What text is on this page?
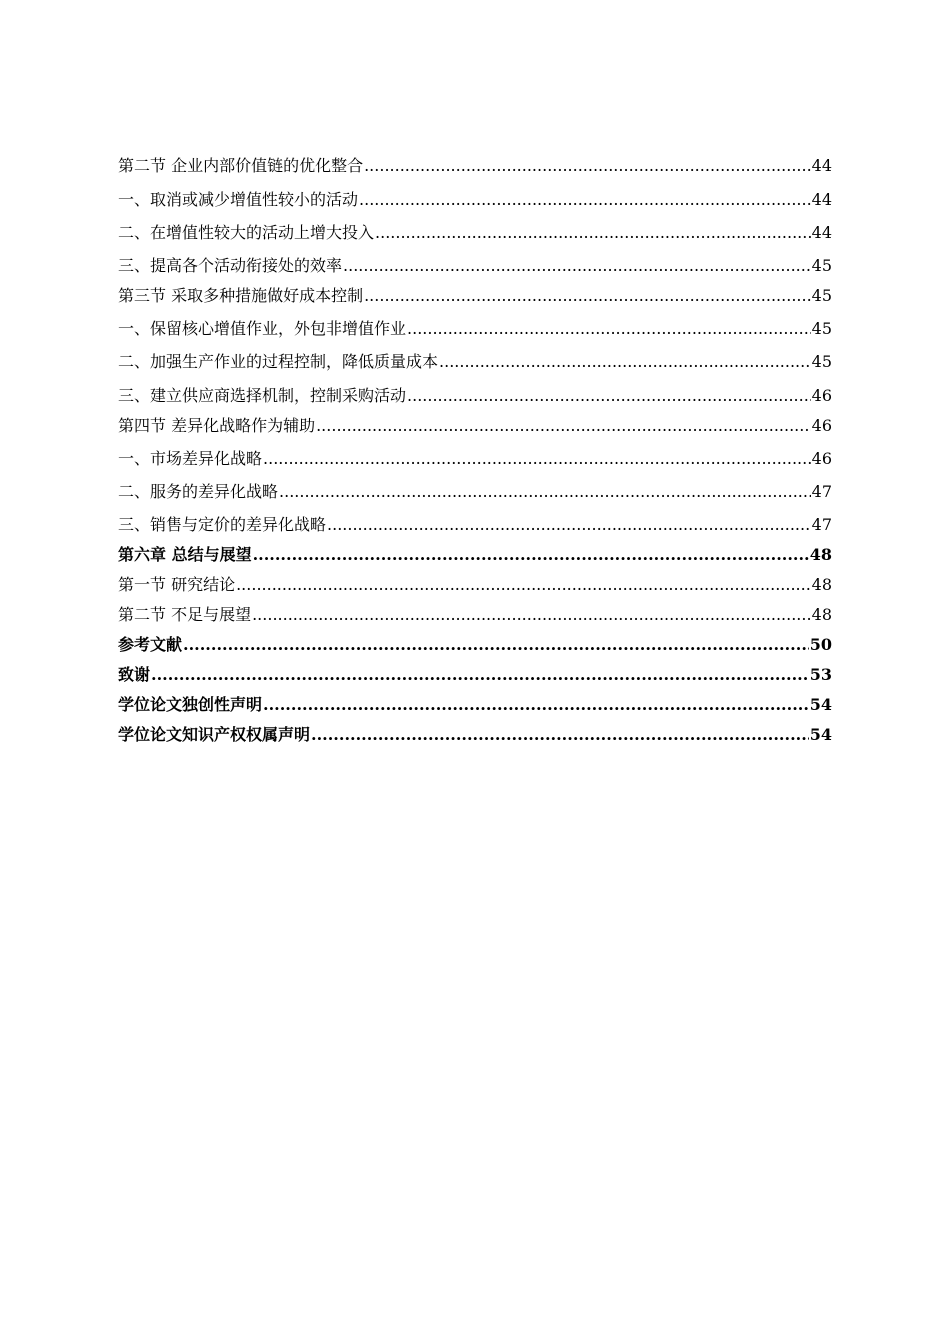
第二节 企业内部价值链的优化整合 .....	44
一、取消或减少增值性较小的活动 .....	44
二、在增值性较大的活动上增大投入 .....	44
三、提高各个活动衔接处的效率 .....	45
第三节 采取多种措施做好成本控制 .....	45
一、保留核心增值作业，外包非增值作业 .....	45
二、加强生产作业的过程控制，降低质量成本 .....	45
三、建立供应商选择机制，控制采购活动 .....	46
第四节 差异化战略作为辅助 .....	46
一、市场差异化战略 .....	46
二、服务的差异化战略 .....	47
三、销售与定价的差异化战略 .....	47
第六章 总结与展望 .....	48
第一节 研究结论 .....	48
第二节 不足与展望 .....	48
参考文献 .....	50
致谢 .....	53
学位论文独创性声明 .....	54
学位论文知识产权权属声明 .....	54
